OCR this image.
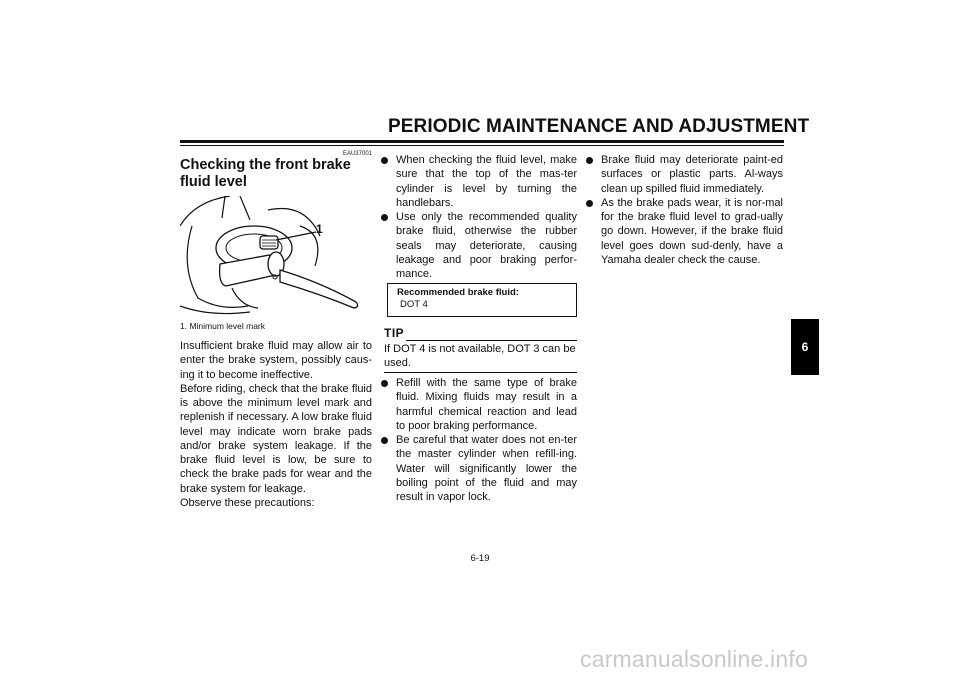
PERIODIC MAINTENANCE AND ADJUSTMENT
EAU37001
Checking the front brake fluid level
1
1. Minimum level mark

Insufficient brake fluid may allow air to enter the brake system, possibly caus-ing it to become ineffective.

Before riding, check that the brake fluid is above the minimum level mark and replenish if necessary. A low brake fluid level may indicate worn brake pads and/or brake system leakage. If the brake fluid level is low, be sure to check the brake pads for wear and the brake system for leakage.

Observe these precautions:

When checking the fluid level, make sure that the top of the mas-ter cylinder is level by turning the handlebars.
Use only the recommended quality brake fluid, otherwise the rubber seals may deteriorate, causing leakage and poor braking perfor-mance.
Recommended brake fluid:
DOT 4
TIP
If DOT 4 is not available, DOT 3 can be used.
Refill with the same type of brake fluid. Mixing fluids may result in a harmful chemical reaction and lead to poor braking performance.
Be careful that water does not en-ter the master cylinder when refill-ing. Water will significantly lower the boiling point of the fluid and may result in vapor lock.
Brake fluid may deteriorate paint-ed surfaces or plastic parts. Al-ways clean up spilled fluid immediately.
As the brake pads wear, it is nor-mal for the brake fluid level to grad-ually go down. However, if the brake fluid level goes down sud-denly, have a Yamaha dealer check the cause.
6
6-19
carmanualsonline.info
